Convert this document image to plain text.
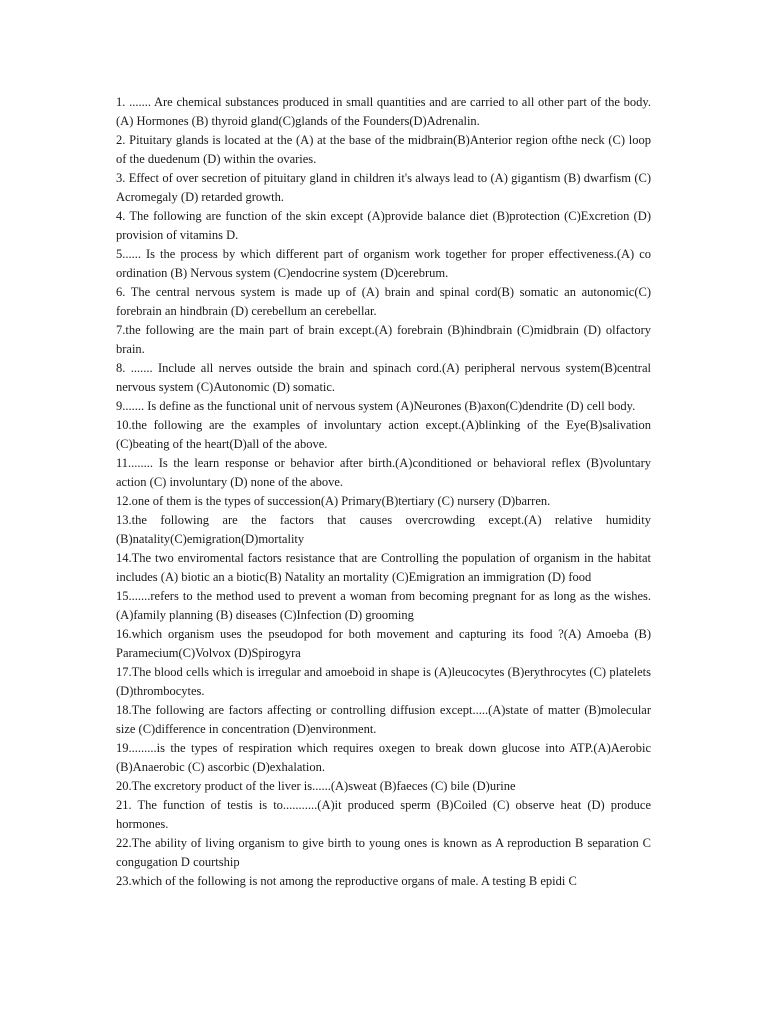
1. ....... Are chemical substances produced in small quantities and are carried to all other part of the body.(A) Hormones (B) thyroid gland(C)glands of the Founders(D)Adrenalin.

2. Pituitary glands is located at the (A) at the base of the midbrain(B)Anterior region ofthe neck (C) loop of the duedenum (D) within the ovaries.

3. Effect of over secretion of pituitary gland in children it's always lead to (A) gigantism (B) dwarfism (C) Acromegaly (D) retarded growth.

4. The following are function of the skin except (A)provide balance diet (B)protection (C)Excretion (D) provision of vitamins D.

5...... Is the process by which different part of organism work together for proper effectiveness.(A) co ordination (B) Nervous system (C)endocrine system (D)cerebrum.

6. The central nervous system is made up of (A) brain and spinal cord(B) somatic an autonomic(C) forebrain an hindbrain (D) cerebellum an cerebellar.

7.the following are the main part of brain except.(A) forebrain (B)hindbrain (C)midbrain (D) olfactory brain.

8. ....... Include all nerves outside the brain and spinach cord.(A) peripheral nervous system(B)central nervous system (C)Autonomic (D) somatic.

9....... Is define as the functional unit of nervous system (A)Neurones (B)axon(C)dendrite (D) cell body.

10.the following are the examples of involuntary action except.(A)blinking of the Eye(B)salivation (C)beating of the heart(D)all of the above.

11........ Is the learn response or behavior after birth.(A)conditioned or behavioral reflex (B)voluntary action (C) involuntary (D) none of the above.

12.one of them is the types of succession(A) Primary(B)tertiary (C) nursery (D)barren.

13.the following are the factors that causes overcrowding except.(A) relative humidity (B)natality(C)emigration(D)mortality

14.The two enviromental factors resistance that are Controlling the population of organism in the habitat includes (A) biotic an a biotic(B) Natality an mortality (C)Emigration an immigration (D) food

15.......refers to the method used to prevent a woman from becoming pregnant for as long as the wishes.(A)family planning (B) diseases (C)Infection (D) grooming

16.which organism uses the pseudopod for both movement and capturing its food ?(A) Amoeba (B) Paramecium(C)Volvox (D)Spirogyra

17.The blood cells which is irregular and amoeboid in shape is (A)leucocytes (B)erythrocytes (C) platelets (D)thrombocytes.

18.The following are factors affecting or controlling diffusion except.....(A)state of matter (B)molecular size (C)difference in concentration (D)environment.

19.........is the types of respiration which requires oxegen to break down glucose into ATP.(A)Aerobic (B)Anaerobic (C) ascorbic (D)exhalation.

20.The excretory product of the liver is......(A)sweat (B)faeces (C) bile (D)urine

21. The function of testis is to...........(A)it produced sperm (B)Coiled (C) observe heat (D) produce hormones.

22.The ability of living organism to give birth to young ones is known as A reproduction B separation C congugation D courtship

23.which of the following is not among the reproductive organs of male. A testing B epidi C
